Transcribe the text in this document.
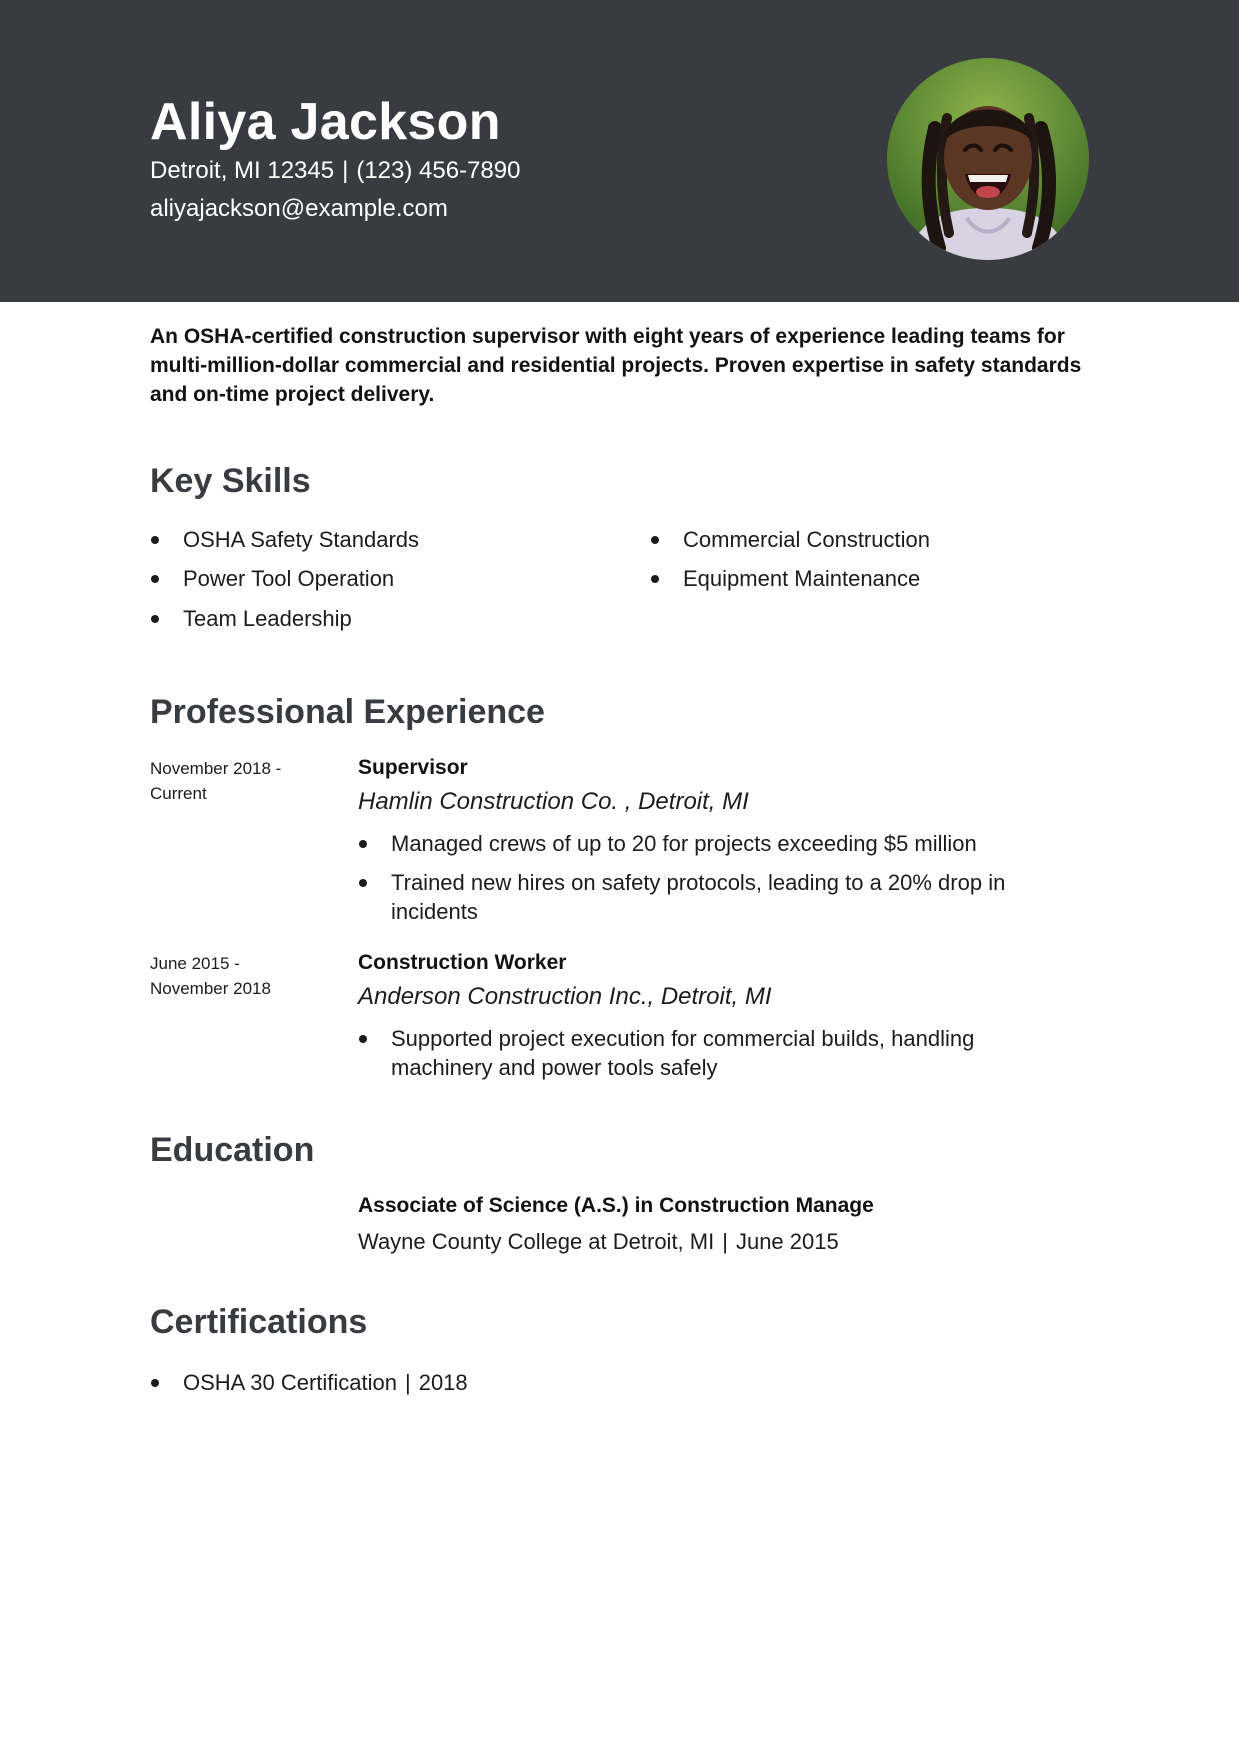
Aliya Jackson
Detroit, MI 12345 | (123) 456-7890
aliyajackson@example.com

An OSHA-certified construction supervisor with eight years of experience leading teams for multi-million-dollar commercial and residential projects. Proven expertise in safety standards and on-time project delivery.

Key Skills
OSHA Safety Standards	Commercial Construction
Power Tool Operation	Equipment Maintenance
Team Leadership
Professional Experience
November 2018 -
Current
Supervisor
Hamlin Construction Co. , Detroit, MI
Managed crews of up to 20 for projects exceeding $5 million
Trained new hires on safety protocols, leading to a 20% drop in incidents
June 2015 -
November 2018
Construction Worker
Anderson Construction Inc., Detroit, MI
Supported project execution for commercial builds, handling machinery and power tools safely
Education
Associate of Science (A.S.) in Construction Manage
Wayne County College at Detroit, MI | June 2015
Certifications
OSHA 30 Certification | 2018
